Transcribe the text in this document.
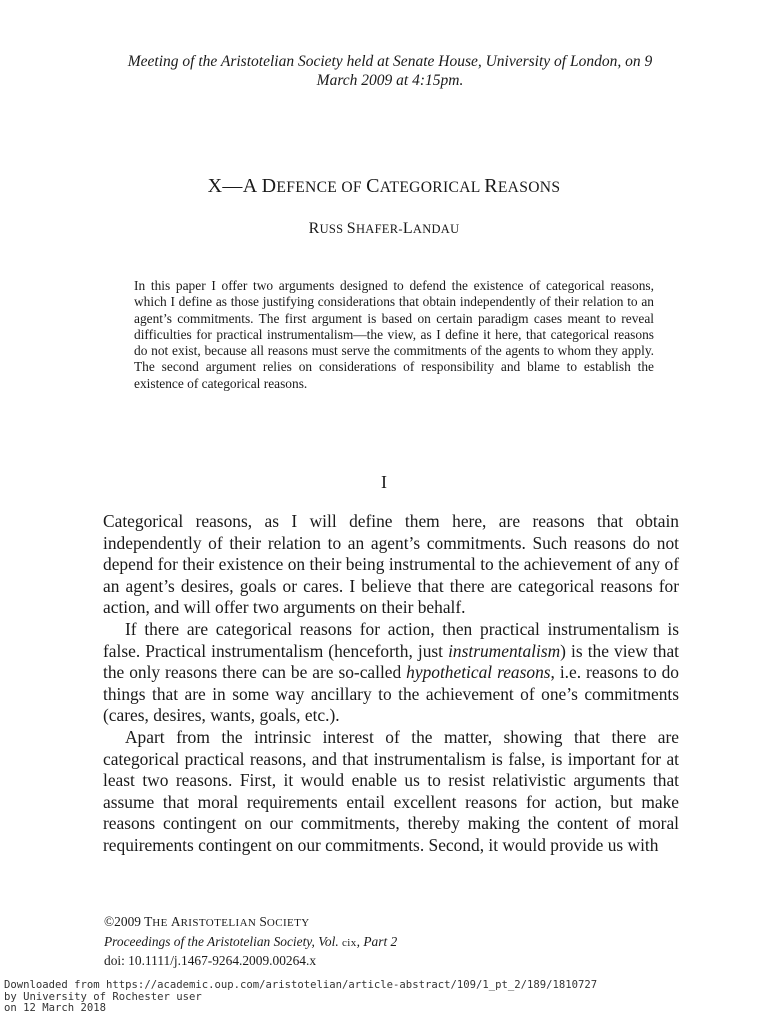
Meeting of the Aristotelian Society held at Senate House, University of London, on 9 March 2009 at 4:15pm.
X—A DEFENCE OF CATEGORICAL REASONS
RUSS SHAFER-LANDAU
In this paper I offer two arguments designed to defend the existence of categorical reasons, which I define as those justifying considerations that obtain independently of their relation to an agent’s commitments. The first argument is based on certain paradigm cases meant to reveal difficulties for practical instrumentalism—the view, as I define it here, that categorical reasons do not exist, because all reasons must serve the commitments of the agents to whom they apply. The second argument relies on considerations of responsibility and blame to establish the existence of categorical reasons.
I

Categorical reasons, as I will define them here, are reasons that obtain independently of their relation to an agent’s commitments. Such reasons do not depend for their existence on their being instrumental to the achievement of any of an agent’s desires, goals or cares. I believe that there are categorical reasons for action, and will offer two arguments on their behalf.

If there are categorical reasons for action, then practical instrumentalism is false. Practical instrumentalism (henceforth, just instrumentalism) is the view that the only reasons there can be are so-called hypothetical reasons, i.e. reasons to do things that are in some way ancillary to the achievement of one’s commitments (cares, desires, wants, goals, etc.).

Apart from the intrinsic interest of the matter, showing that there are categorical practical reasons, and that instrumentalism is false, is important for at least two reasons. First, it would enable us to resist relativistic arguments that assume that moral requirements entail excellent reasons for action, but make reasons contingent on our commitments, thereby making the content of moral requirements contingent on our commitments. Second, it would provide us with

©2009 THE ARISTOTELIAN SOCIETY
Proceedings of the Aristotelian Society, Vol. cix, Part 2
doi: 10.1111/j.1467-9264.2009.00264.x
Downloaded from https://academic.oup.com/aristotelian/article-abstract/109/1_pt_2/189/1810727
by University of Rochester user
on 12 March 2018
